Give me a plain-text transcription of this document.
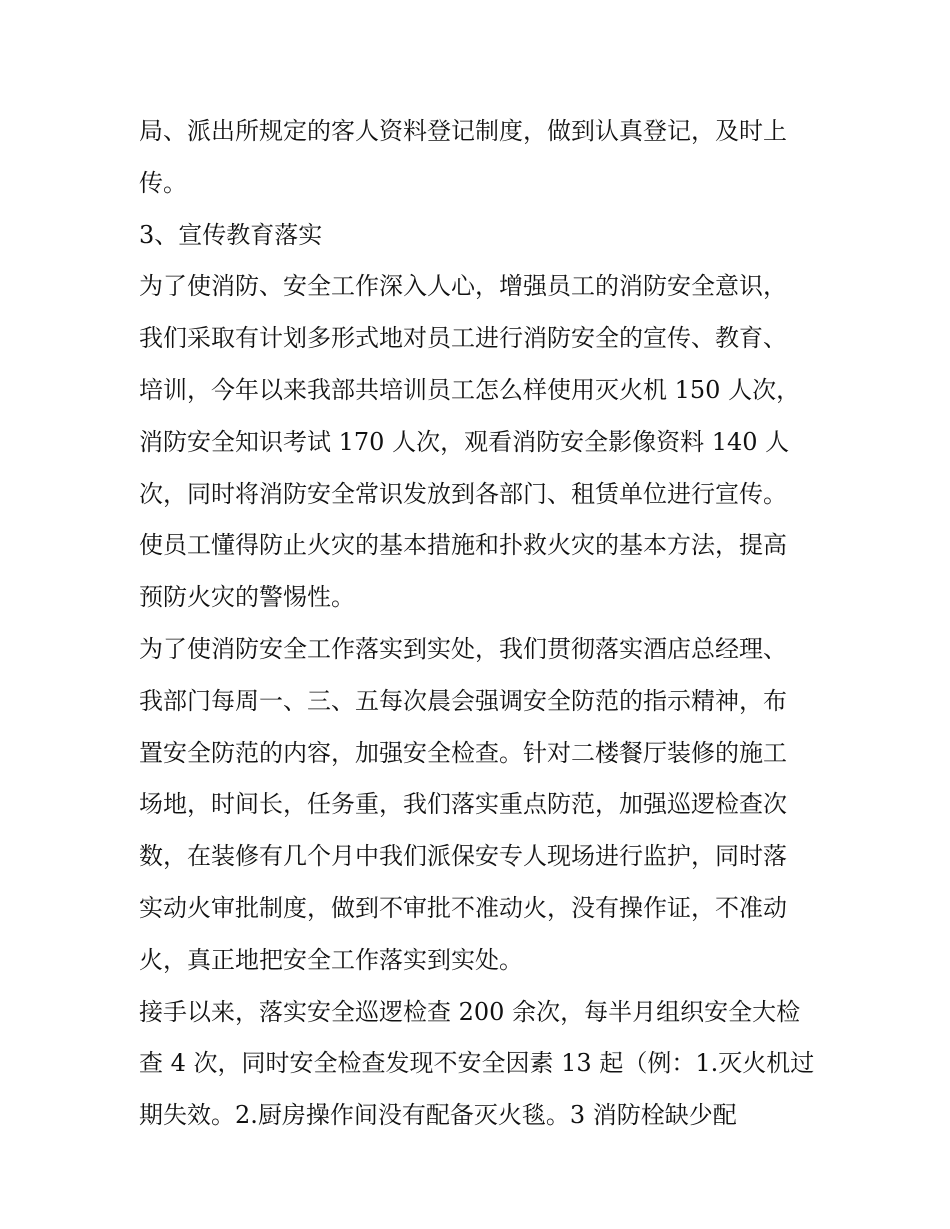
局、派出所规定的客人资料登记制度，做到认真登记，及时上
传。
3、宣传教育落实
为了使消防、安全工作深入人心，增强员工的消防安全意识，
我们采取有计划多形式地对员工进行消防安全的宣传、教育、
培训，今年以来我部共培训员工怎么样使用灭火机 150 人次，
消防安全知识考试 170 人次，观看消防安全影像资料 140 人
次，同时将消防安全常识发放到各部门、租赁单位进行宣传。
使员工懂得防止火灾的基本措施和扑救火灾的基本方法，提高
预防火灾的警惕性。
为了使消防安全工作落实到实处，我们贯彻落实酒店总经理、
我部门每周一、三、五每次晨会强调安全防范的指示精神，布
置安全防范的内容，加强安全检查。针对二楼餐厅装修的施工
场地，时间长，任务重，我们落实重点防范，加强巡逻检查次
数，在装修有几个月中我们派保安专人现场进行监护，同时落
实动火审批制度，做到不审批不准动火，没有操作证，不准动
火，真正地把安全工作落实到实处。
接手以来，落实安全巡逻检查 200 余次，每半月组织安全大检
查 4 次，同时安全检查发现不安全因素 13 起（例：1.灭火机过
期失效。2.厨房操作间没有配备灭火毯。3 消防栓缺少配
